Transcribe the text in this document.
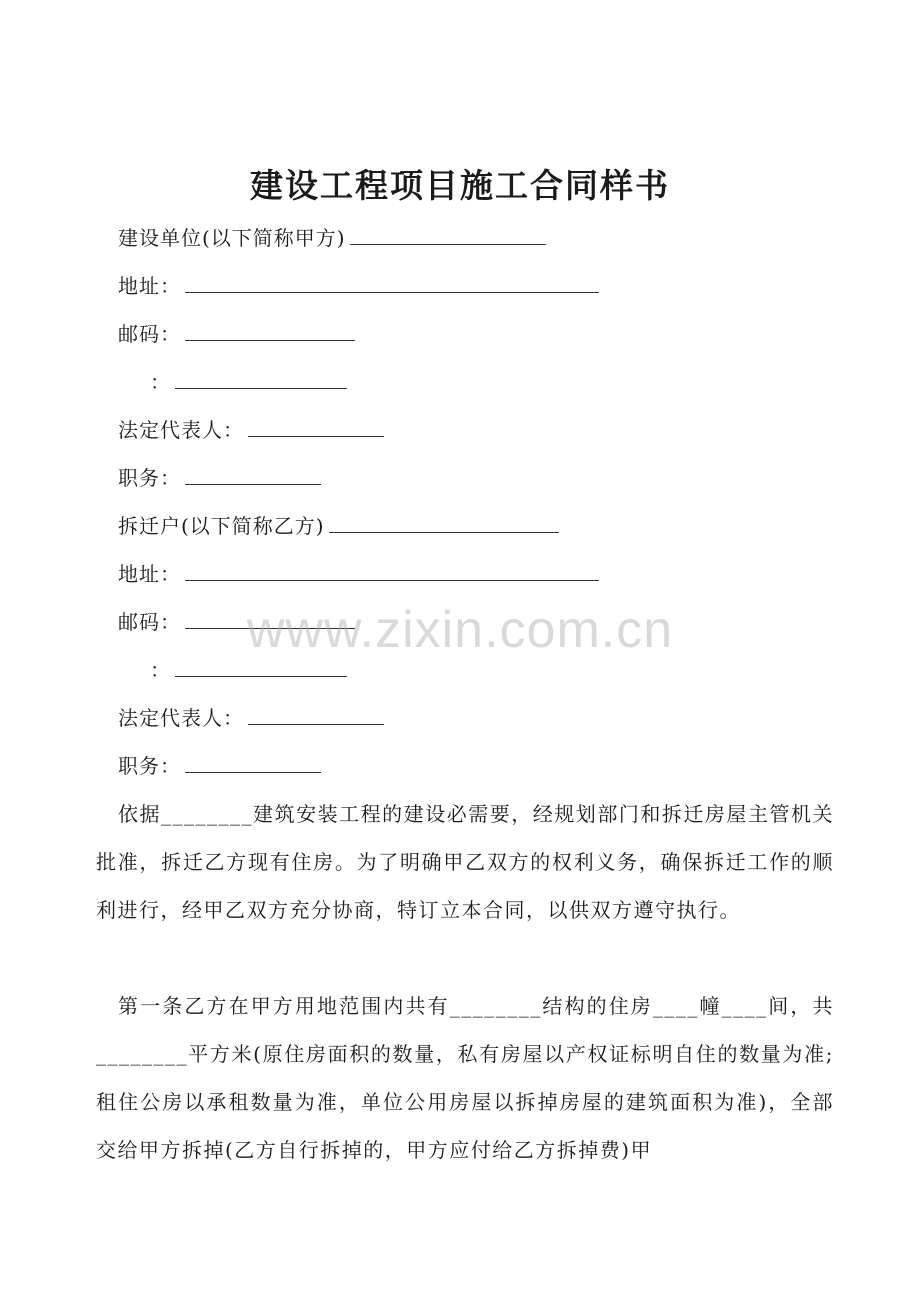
建设工程项目施工合同样书
建设单位(以下简称甲方)
地址：
邮码：
：
法定代表人：
职务：
拆迁户(以下简称乙方)
地址：
邮码：
：
法定代表人：
职务：
依据________建筑安装工程的建设必需要，经规划部门和拆迁房屋主管机关批准，拆迁乙方现有住房。为了明确甲乙双方的权利义务，确保拆迁工作的顺利进行，经甲乙双方充分协商，特订立本合同，以供双方遵守执行。
第一条乙方在甲方用地范围内共有________结构的住房____幢____间，共________平方米(原住房面积的数量，私有房屋以产权证标明自住的数量为准;租住公房以承租数量为准，单位公用房屋以拆掉房屋的建筑面积为准)，全部交给甲方拆掉(乙方自行拆掉的，甲方应付给乙方拆掉费)甲
www.zixin.com.cn
